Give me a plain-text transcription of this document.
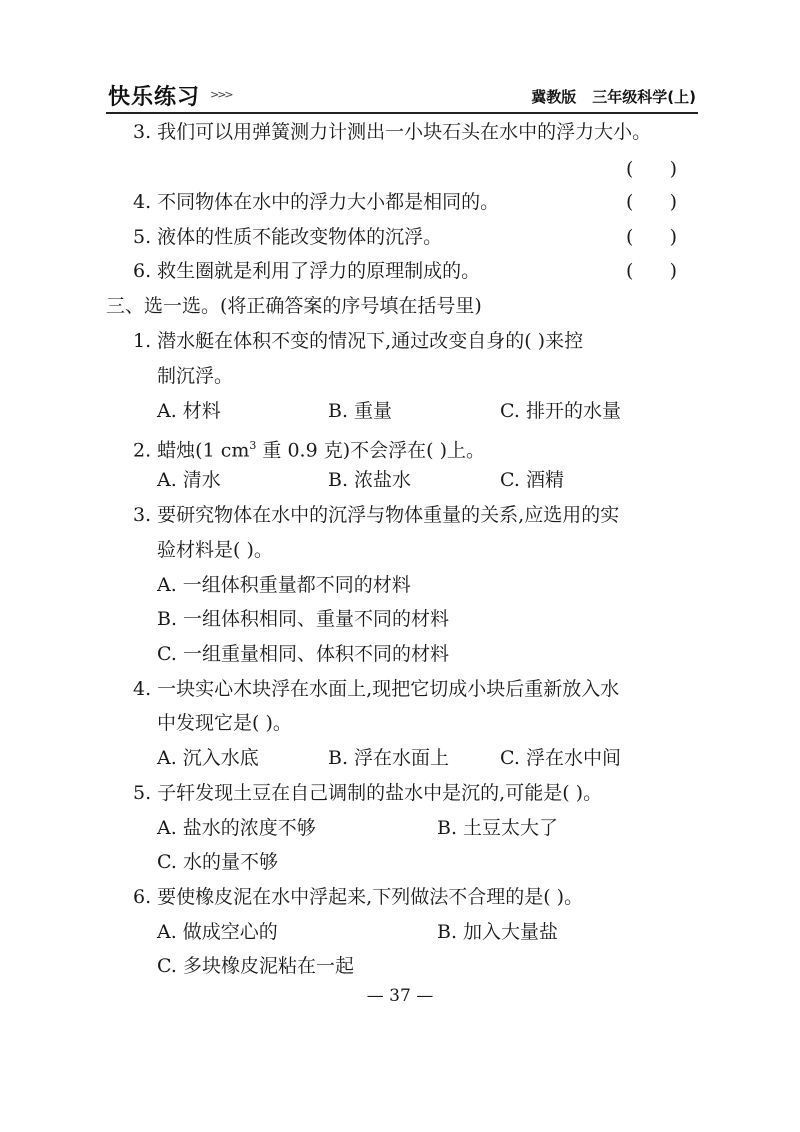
快乐练习 >>>	冀教版 三年级科学(上)
3. 我们可以用弹簧测力计测出一小块石头在水中的浮力大小。
(      )
4. 不同物体在水中的浮力大小都是相同的。	(      )
5. 液体的性质不能改变物体的沉浮。	(      )
6. 救生圈就是利用了浮力的原理制成的。	(      )
三、选一选。(将正确答案的序号填在括号里)
1. 潜水艇在体积不变的情况下,通过改变自身的( )来控
制沉浮。
A. 材料	B. 重量	C. 排开的水量
2. 蜡烛(1 $cm^3$ 重 0.9 克)不会浮在( )上。
A. 清水	B. 浓盐水	C. 酒精
3. 要研究物体在水中的沉浮与物体重量的关系,应选用的实
验材料是( )。
A. 一组体积重量都不同的材料
B. 一组体积相同、重量不同的材料
C. 一组重量相同、体积不同的材料
4. 一块实心木块浮在水面上,现把它切成小块后重新放入水
中发现它是( )。
A. 沉入水底	B. 浮在水面上	C. 浮在水中间
5. 子轩发现土豆在自己调制的盐水中是沉的,可能是( )。
A. 盐水的浓度不够	B. 土豆太大了
C. 水的量不够
6. 要使橡皮泥在水中浮起来,下列做法不合理的是( )。
A. 做成空心的	B. 加入大量盐
C. 多块橡皮泥粘在一起
— 37 —
